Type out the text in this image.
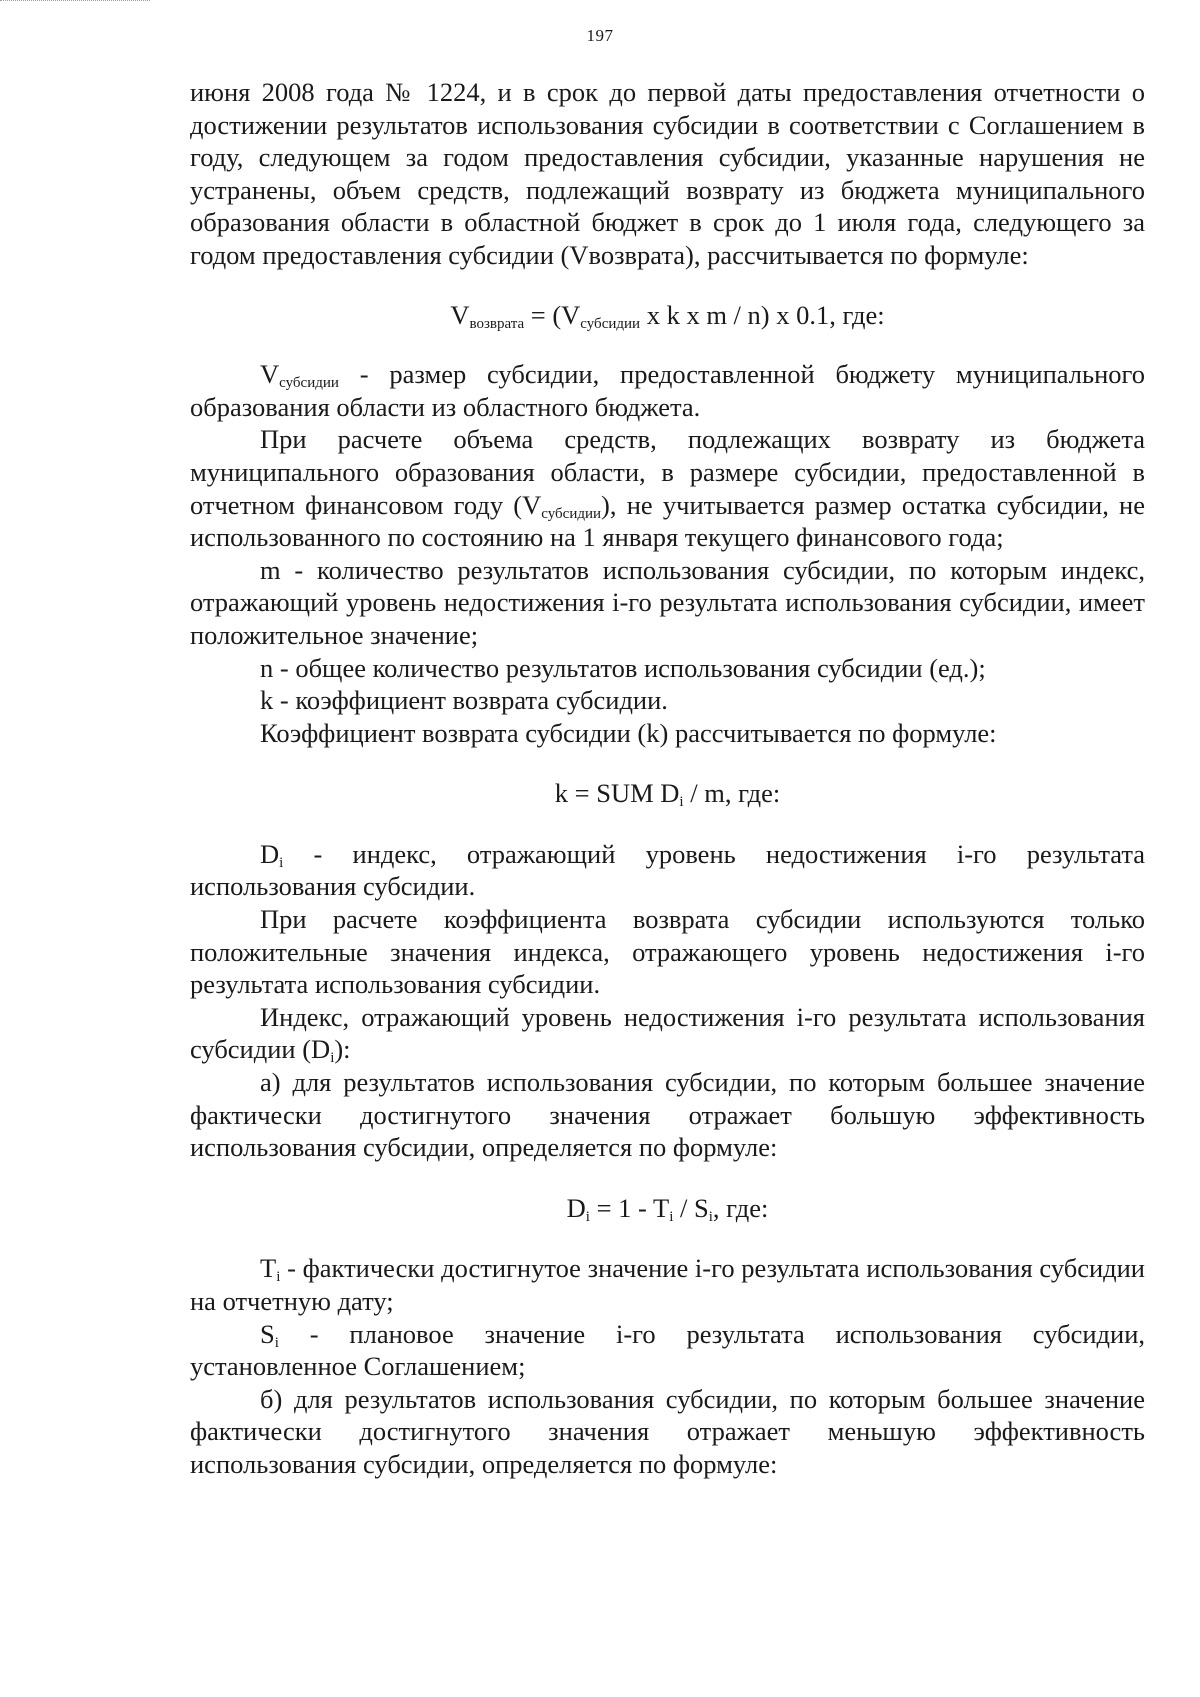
197

июня 2008 года № 1224, и в срок до первой даты предоставления отчетности о достижении результатов использования субсидии в соответствии с Соглашением в году, следующем за годом предоставления субсидии, указанные нарушения не устранены, объем средств, подлежащий возврату из бюджета муниципального образования области в областной бюджет в срок до 1 июля года, следующего за годом предоставления субсидии (Vвозврата), рассчитывается по формуле:

$V_{возврата} = (V_{субсидии}$ x k x m / n) x 0.1, где:

$V_{субсидии}$ - размер субсидии, предоставленной бюджету муниципального образования области из областного бюджета.

При расчете объема средств, подлежащих возврату из бюджета муниципального образования области, в размере субсидии, предоставленной в отчетном финансовом году $(V_{субсидии})$, не учитывается размер остатка субсидии, не использованного по состоянию на 1 января текущего финансового года;

m - количество результатов использования субсидии, по которым индекс, отражающий уровень недостижения i-го результата использования субсидии, имеет положительное значение;

n - общее количество результатов использования субсидии (ед.);

k - коэффициент возврата субсидии.

Коэффициент возврата субсидии (k) рассчитывается по формуле:

k = SUM $D_i$ / m, где:

$D_i$ - индекс, отражающий уровень недостижения i-го результата использования субсидии.

При расчете коэффициента возврата субсидии используются только положительные значения индекса, отражающего уровень недостижения i-го результата использования субсидии.

Индекс, отражающий уровень недостижения i-го результата использования субсидии $(D_i)$:

а) для результатов использования субсидии, по которым большее значение фактически достигнутого значения отражает большую эффективность использования субсидии, определяется по формуле:

$D_i = 1 - T_i / S_i$, где:

$T_i$ - фактически достигнутое значение i-го результата использования субсидии на отчетную дату;

$S_i$ - плановое значение i-го результата использования субсидии, установленное Соглашением;

б) для результатов использования субсидии, по которым большее значение фактически достигнутого значения отражает меньшую эффективность использования субсидии, определяется по формуле:
